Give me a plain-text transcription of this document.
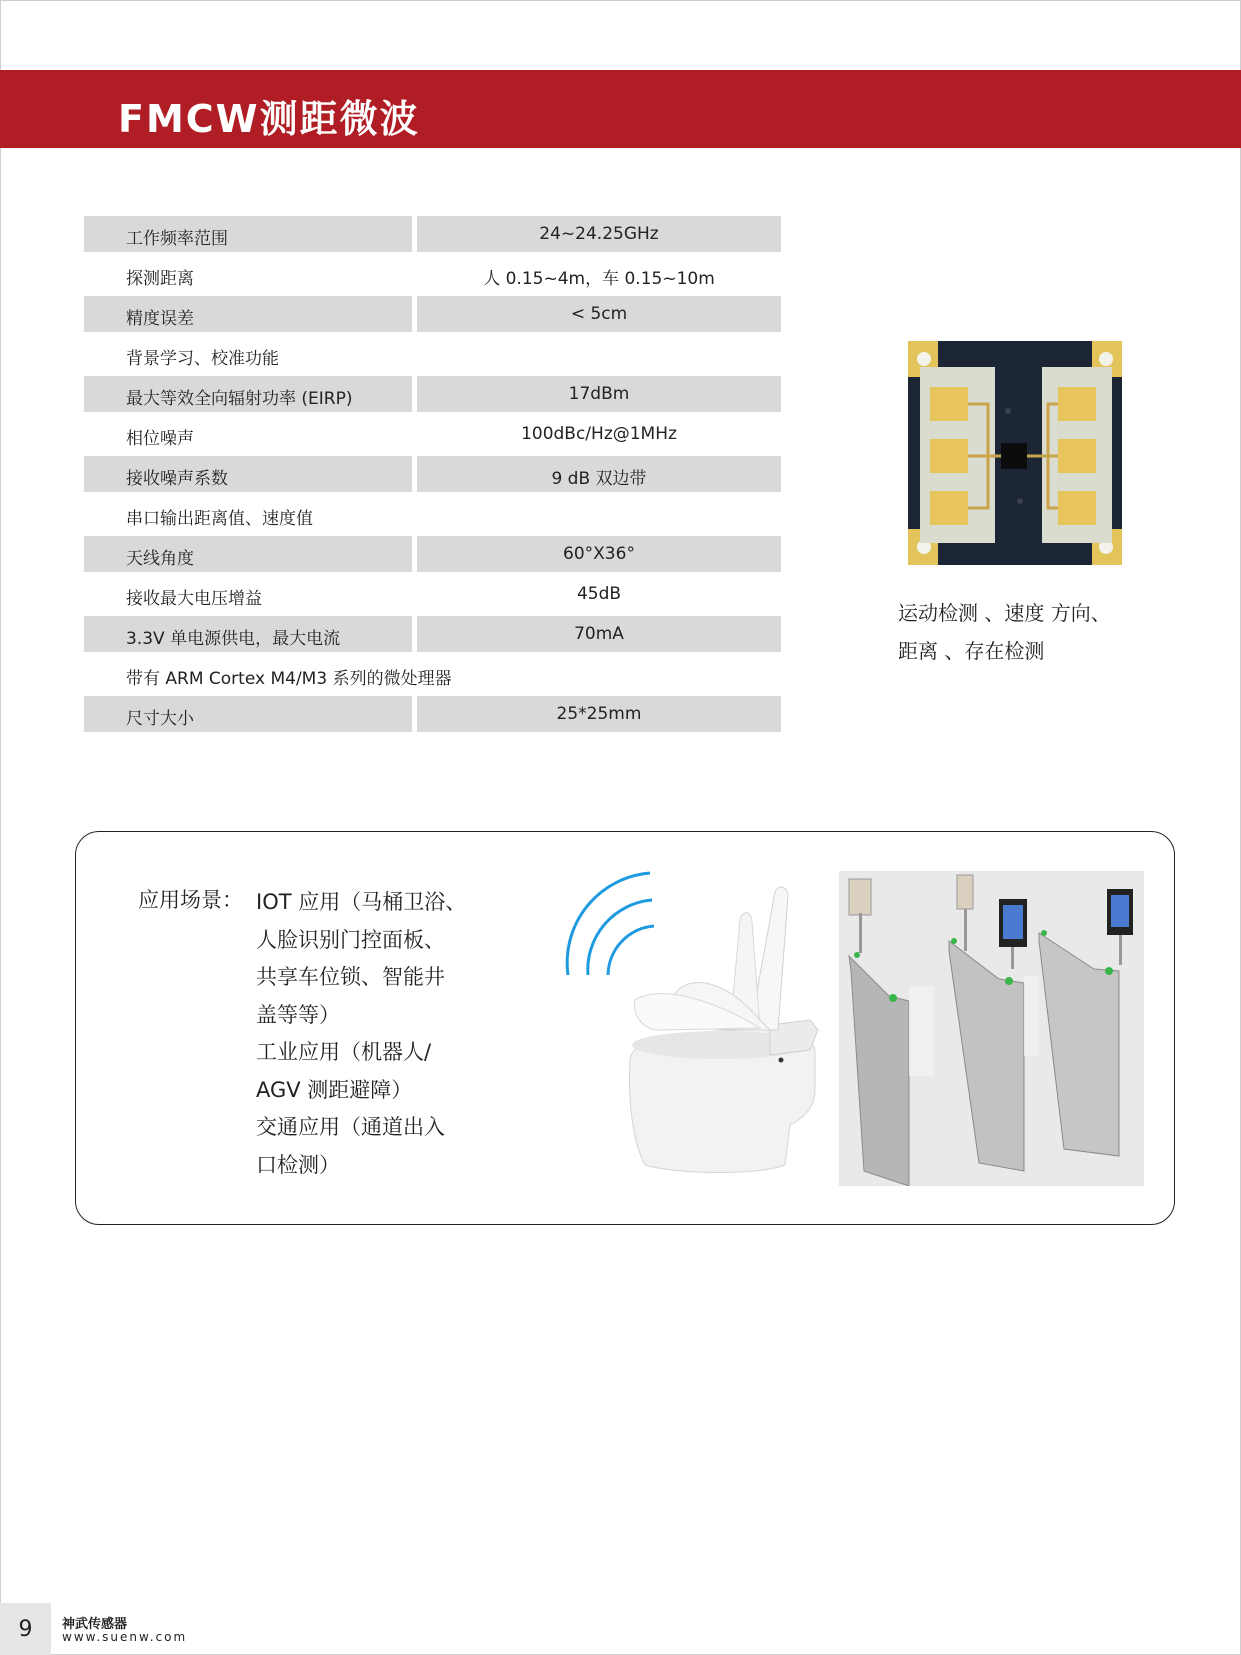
FMCW测距微波
工作频率范围	24~24.25GHz
探测距离	人 0.15~4m，车 0.15~10m
精度误差	< 5cm
背景学习、校准功能
最大等效全向辐射功率 (EIRP)	17dBm
相位噪声	100dBc/Hz@1MHz
接收噪声系数	9 dB 双边带
串口输出距离值、速度值
天线角度	60°X36°
接收最大电压增益	45dB
3.3V 单电源供电，最大电流	70mA
带有 ARM Cortex M4/M3 系列的微处理器
尺寸大小	25*25mm
运动检测 、速度 方向、
距离 、存在检测
应用场景： IOT 应用（马桶卫浴、
人脸识别门控面板、
共享车位锁、智能井
盖等等）
工业应用（机器人/
AGV 测距避障）
交通应用（通道出入
口检测）
9	神武传感器
www.suenw.com
